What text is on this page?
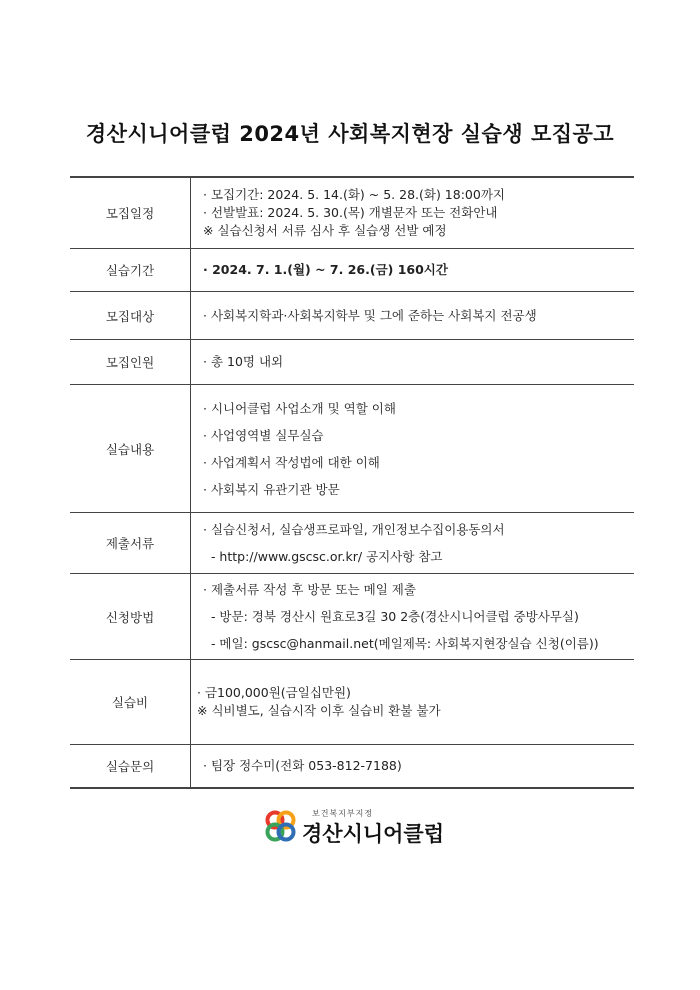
경산시니어클럽 2024년 사회복지현장 실습생 모집공고
모집일정	· 모집기간: 2024. 5. 14.(화) ~ 5. 28.(화) 18:00까지
· 선발발표: 2024. 5. 30.(목) 개별문자 또는 전화안내
※ 실습신청서 서류 심사 후 실습생 선발 예정

실습기간	· 2024. 7. 1.(월) ~ 7. 26.(금) 160시간

모집대상	· 사회복지학과·사회복지학부 및 그에 준하는 사회복지 전공생

모집인원	· 총 10명 내외

실습내용	· 시니어클럽 사업소개 및 역할 이해
· 사업영역별 실무실습
· 사업계획서 작성법에 대한 이해
· 사회복지 유관기관 방문

제출서류	· 실습신청서, 실습생프로파일, 개인정보수집이용동의서
- http://www.gscsc.or.kr/ 공지사항 참고

신청방법	· 제출서류 작성 후 방문 또는 메일 제출
- 방문: 경북 경산시 원효로3길 30 2층(경산시니어클럽 중방사무실)
- 메일: gscsc@hanmail.net(메일제목: 사회복지현장실습 신청(이름))

실습비	· 금100,000원(금일십만원)
※ 식비별도, 실습시작 이후 실습비 환불 불가

실습문의	· 팀장 정수미(전화 053-812-7188)
보건복지부지정
경산시니어클럽
